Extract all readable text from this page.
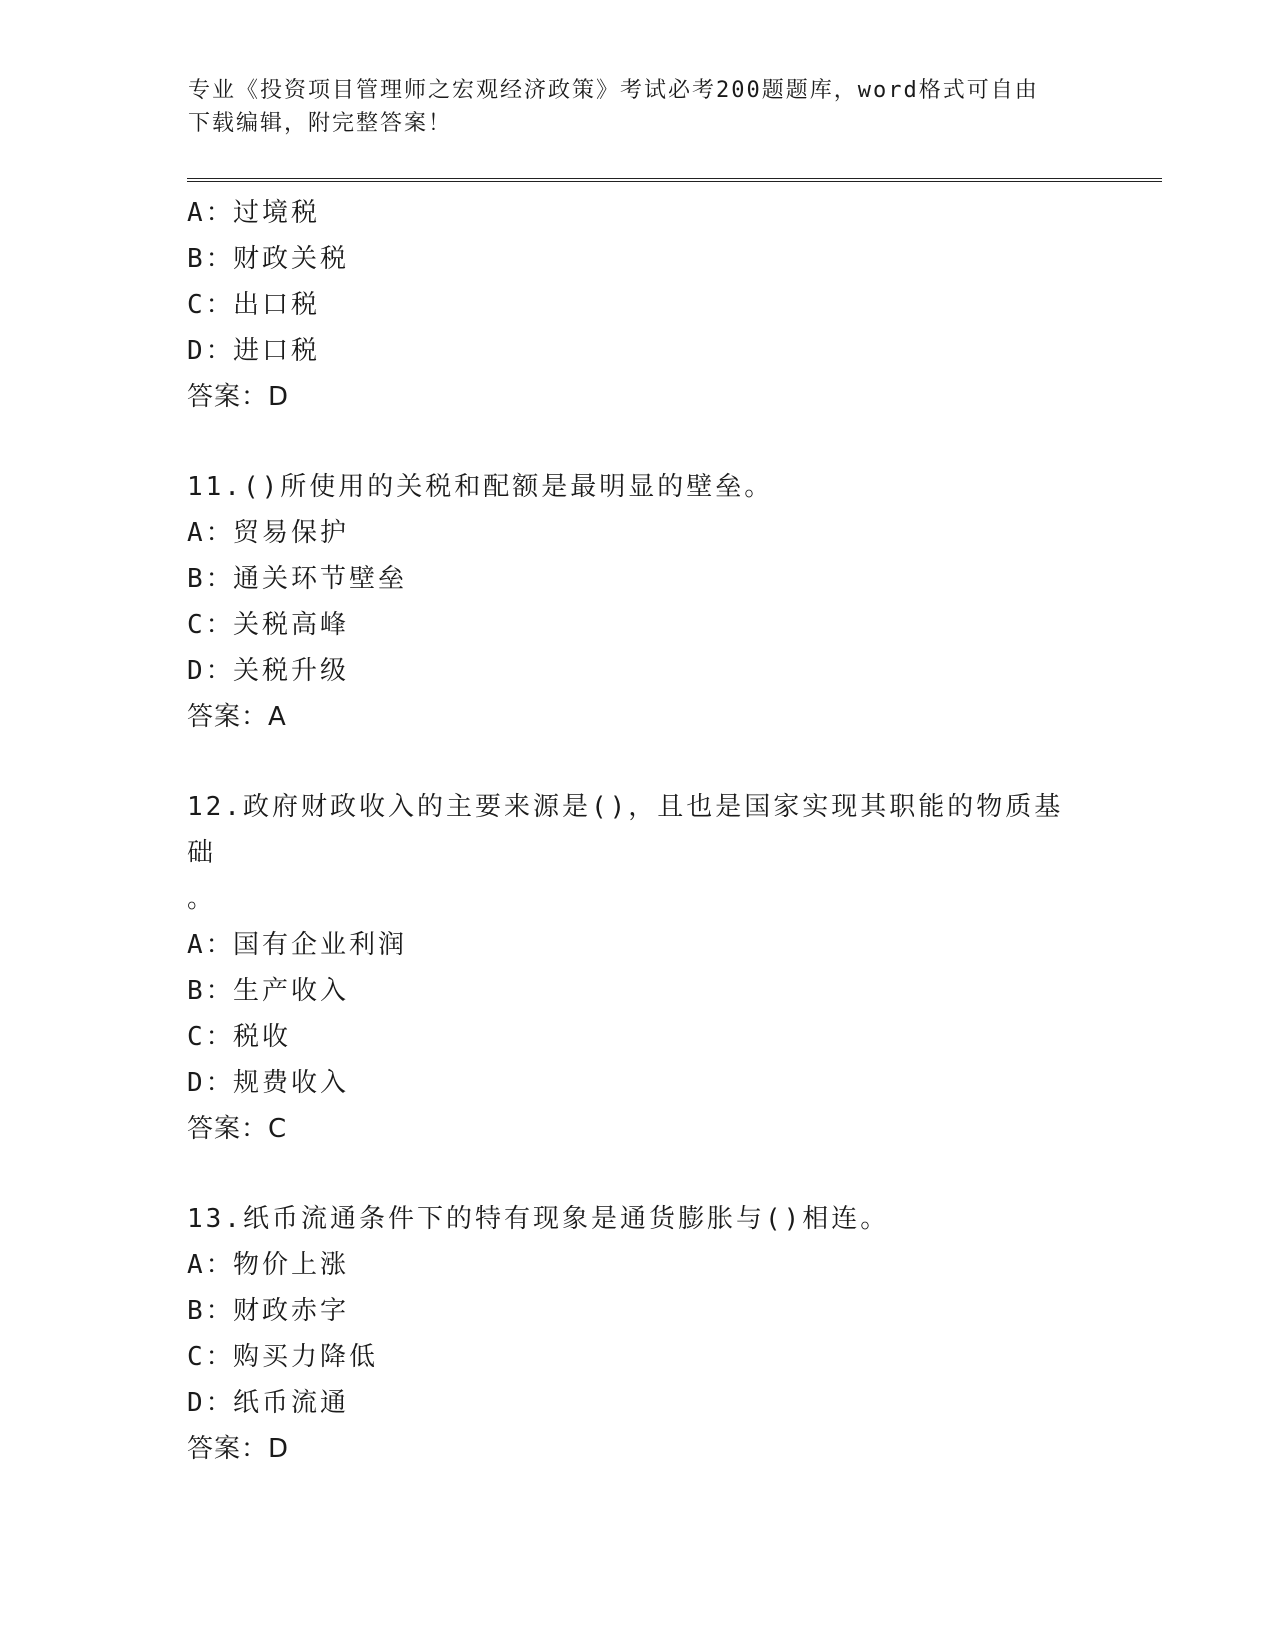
专业《投资项目管理师之宏观经济政策》考试必考200题题库，word格式可自由
下载编辑，附完整答案！
A：过境税
B：财政关税
C：出口税
D：进口税
答案：D
11.()所使用的关税和配额是最明显的壁垒。
A：贸易保护
B：通关环节壁垒
C：关税高峰
D：关税升级
答案：A
12.政府财政收入的主要来源是()，且也是国家实现其职能的物质基础
。
A：国有企业利润
B：生产收入
C：税收
D：规费收入
答案：C
13.纸币流通条件下的特有现象是通货膨胀与()相连。
A：物价上涨
B：财政赤字
C：购买力降低
D：纸币流通
答案：D
